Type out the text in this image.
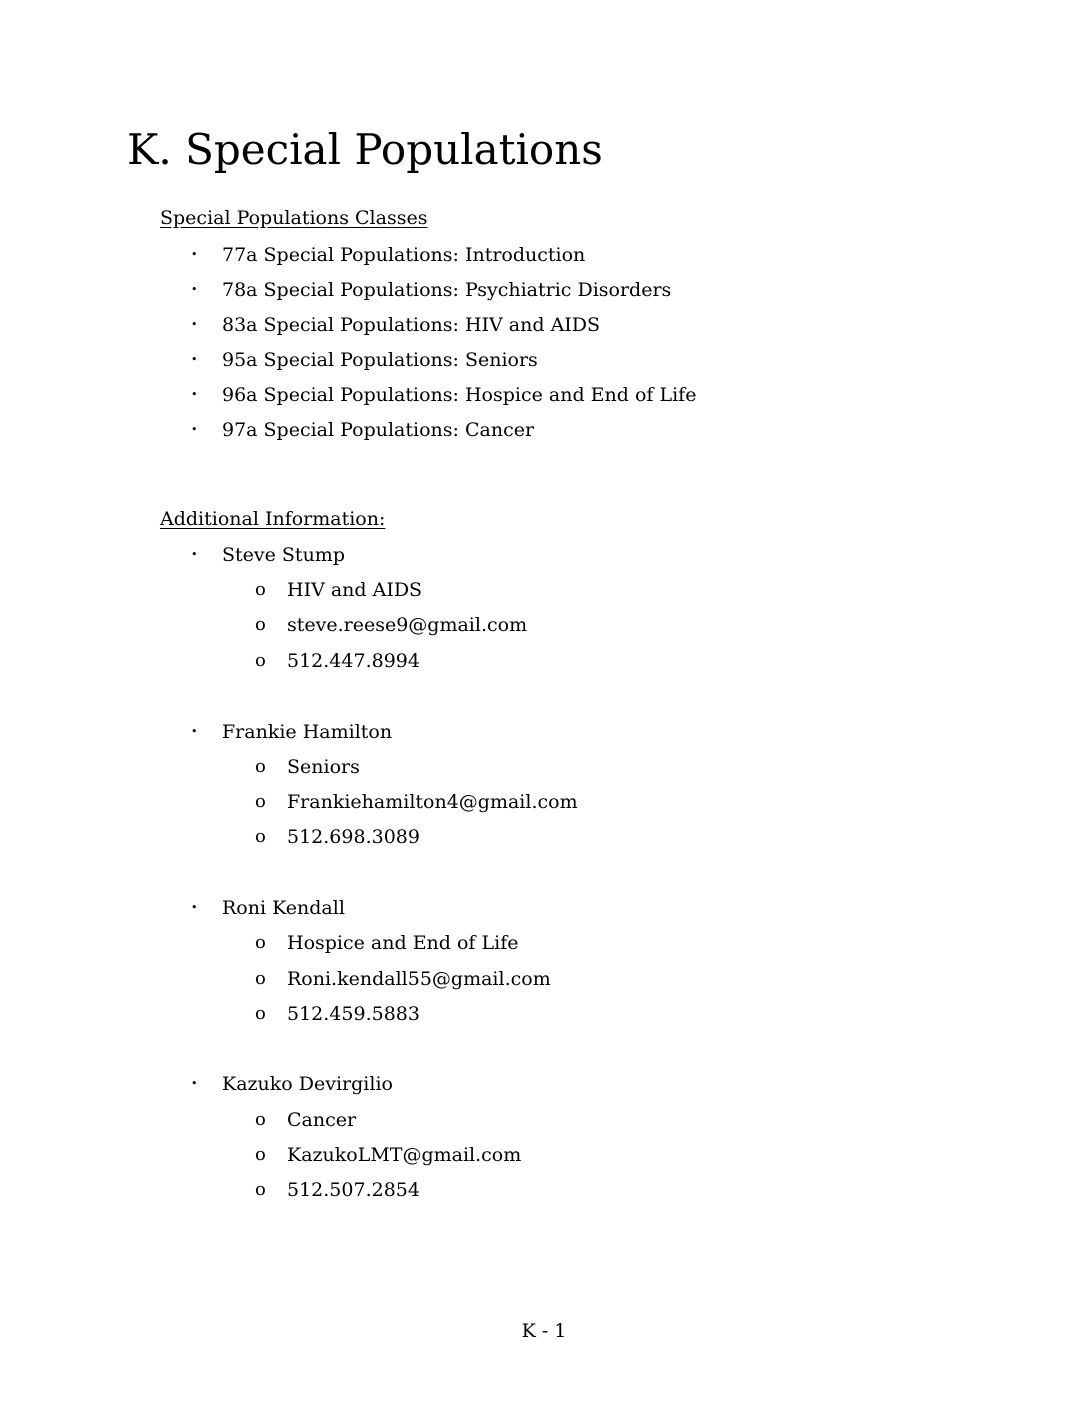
K. Special Populations
Special Populations Classes
•	77a Special Populations: Introduction
•	78a Special Populations: Psychiatric Disorders
•	83a Special Populations: HIV and AIDS
•	95a Special Populations: Seniors
•	96a Special Populations: Hospice and End of Life
•	97a Special Populations: Cancer
Additional Information:
•	Steve Stump
o	HIV and AIDS
o	steve.reese9@gmail.com
o	512.447.8994
•	Frankie Hamilton
o	Seniors
o	Frankiehamilton4@gmail.com
o	512.698.3089
•	Roni Kendall
o	Hospice and End of Life
o	Roni.kendall55@gmail.com
o	512.459.5883
•	Kazuko Devirgilio
o	Cancer
o	KazukoLMT@gmail.com
o	512.507.2854
K - 1
